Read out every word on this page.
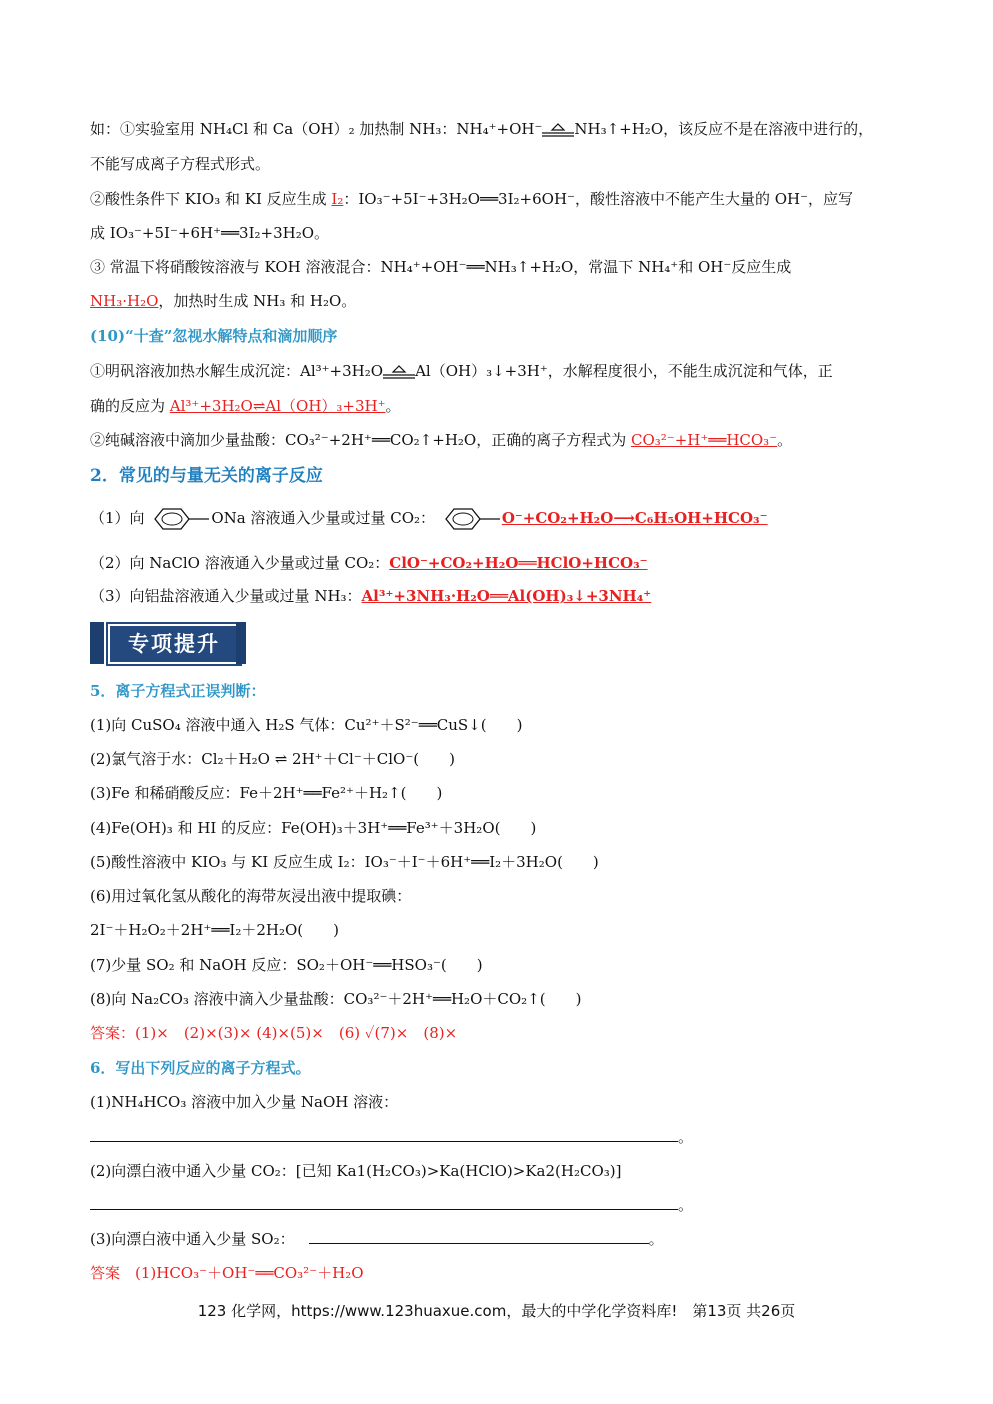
如：①实验室用 NH₄Cl 和 Ca（OH）₂ 加热制 NH₃：NH₄⁺+OH⁻ NH₃↑+H₂O，该反应不是在溶液中进行的，
不能写成离子方程式形式。
②酸性条件下 KIO₃ 和 KI 反应生成 I₂：IO₃⁻+5I⁻+3H₂O══3I₂+6OH⁻，酸性溶液中不能产生大量的 OH⁻，应写
成 IO₃⁻+5I⁻+6H⁺══3I₂+3H₂O。
③ 常温下将硝酸铵溶液与 KOH 溶液混合：NH₄⁺+OH⁻══NH₃↑+H₂O，常温下 NH₄⁺和 OH⁻反应生成
NH₃·H₂O，加热时生成 NH₃ 和 H₂O。
(10)“十查”忽视水解特点和滴加顺序
①明矾溶液加热水解生成沉淀：Al³⁺+3H₂O Al（OH）₃↓+3H⁺，水解程度很小，不能生成沉淀和气体，正
确的反应为 Al³⁺+3H₂O⇌Al（OH）₃+3H⁺。
②纯碱溶液中滴加少量盐酸：CO₃²⁻+2H⁺══CO₂↑+H₂O，正确的离子方程式为 CO₃²⁻+H⁺══HCO₃⁻。
2．常见的与量无关的离子反应
（1）向	ONa 溶液通入少量或过量 CO₂：	O⁻+CO₂+H₂O⟶C₆H₅OH+HCO₃⁻
（2）向 NaClO 溶液通入少量或过量 CO₂：ClO⁻+CO₂+H₂O══HClO+HCO₃⁻
（3）向铝盐溶液通入少量或过量 NH₃：Al³⁺+3NH₃·H₂O══Al(OH)₃↓+3NH₄⁺
专项提升
5．离子方程式正误判断：
(1)向 CuSO₄ 溶液中通入 H₂S 气体：Cu²⁺＋S²⁻══CuS↓(　　)
(2)氯气溶于水：Cl₂＋H₂O ⇌ 2H⁺＋Cl⁻＋ClO⁻(　　)
(3)Fe 和稀硝酸反应：Fe＋2H⁺══Fe²⁺＋H₂↑(　　)
(4)Fe(OH)₃ 和 HI 的反应：Fe(OH)₃＋3H⁺══Fe³⁺＋3H₂O(　　)
(5)酸性溶液中 KIO₃ 与 KI 反应生成 I₂：IO₃⁻＋I⁻＋6H⁺══I₂＋3H₂O(　　)
(6)用过氧化氢从酸化的海带灰浸出液中提取碘：
2I⁻＋H₂O₂＋2H⁺══I₂＋2H₂O(　　)
(7)少量 SO₂ 和 NaOH 反应：SO₂＋OH⁻══HSO₃⁻(　　)
(8)向 Na₂CO₃ 溶液中滴入少量盐酸：CO₃²⁻＋2H⁺══H₂O＋CO₂↑(　　)
答案：(1)×　(2)×(3)× (4)×(5)×　(6) ✓(7)×　(8)×
6．写出下列反应的离子方程式。
(1)NH₄HCO₃ 溶液中加入少量 NaOH 溶液：
。
(2)向漂白液中通入少量 CO₂：[已知 Ka1(H₂CO₃)>Ka(HClO)>Ka2(H₂CO₃)]
。
(3)向漂白液中通入少量 SO₂：	。
答案　(1)HCO₃⁻＋OH⁻══CO₃²⁻＋H₂O
123 化学网，https://www.123huaxue.com，最大的中学化学资料库!　第13页 共26页
